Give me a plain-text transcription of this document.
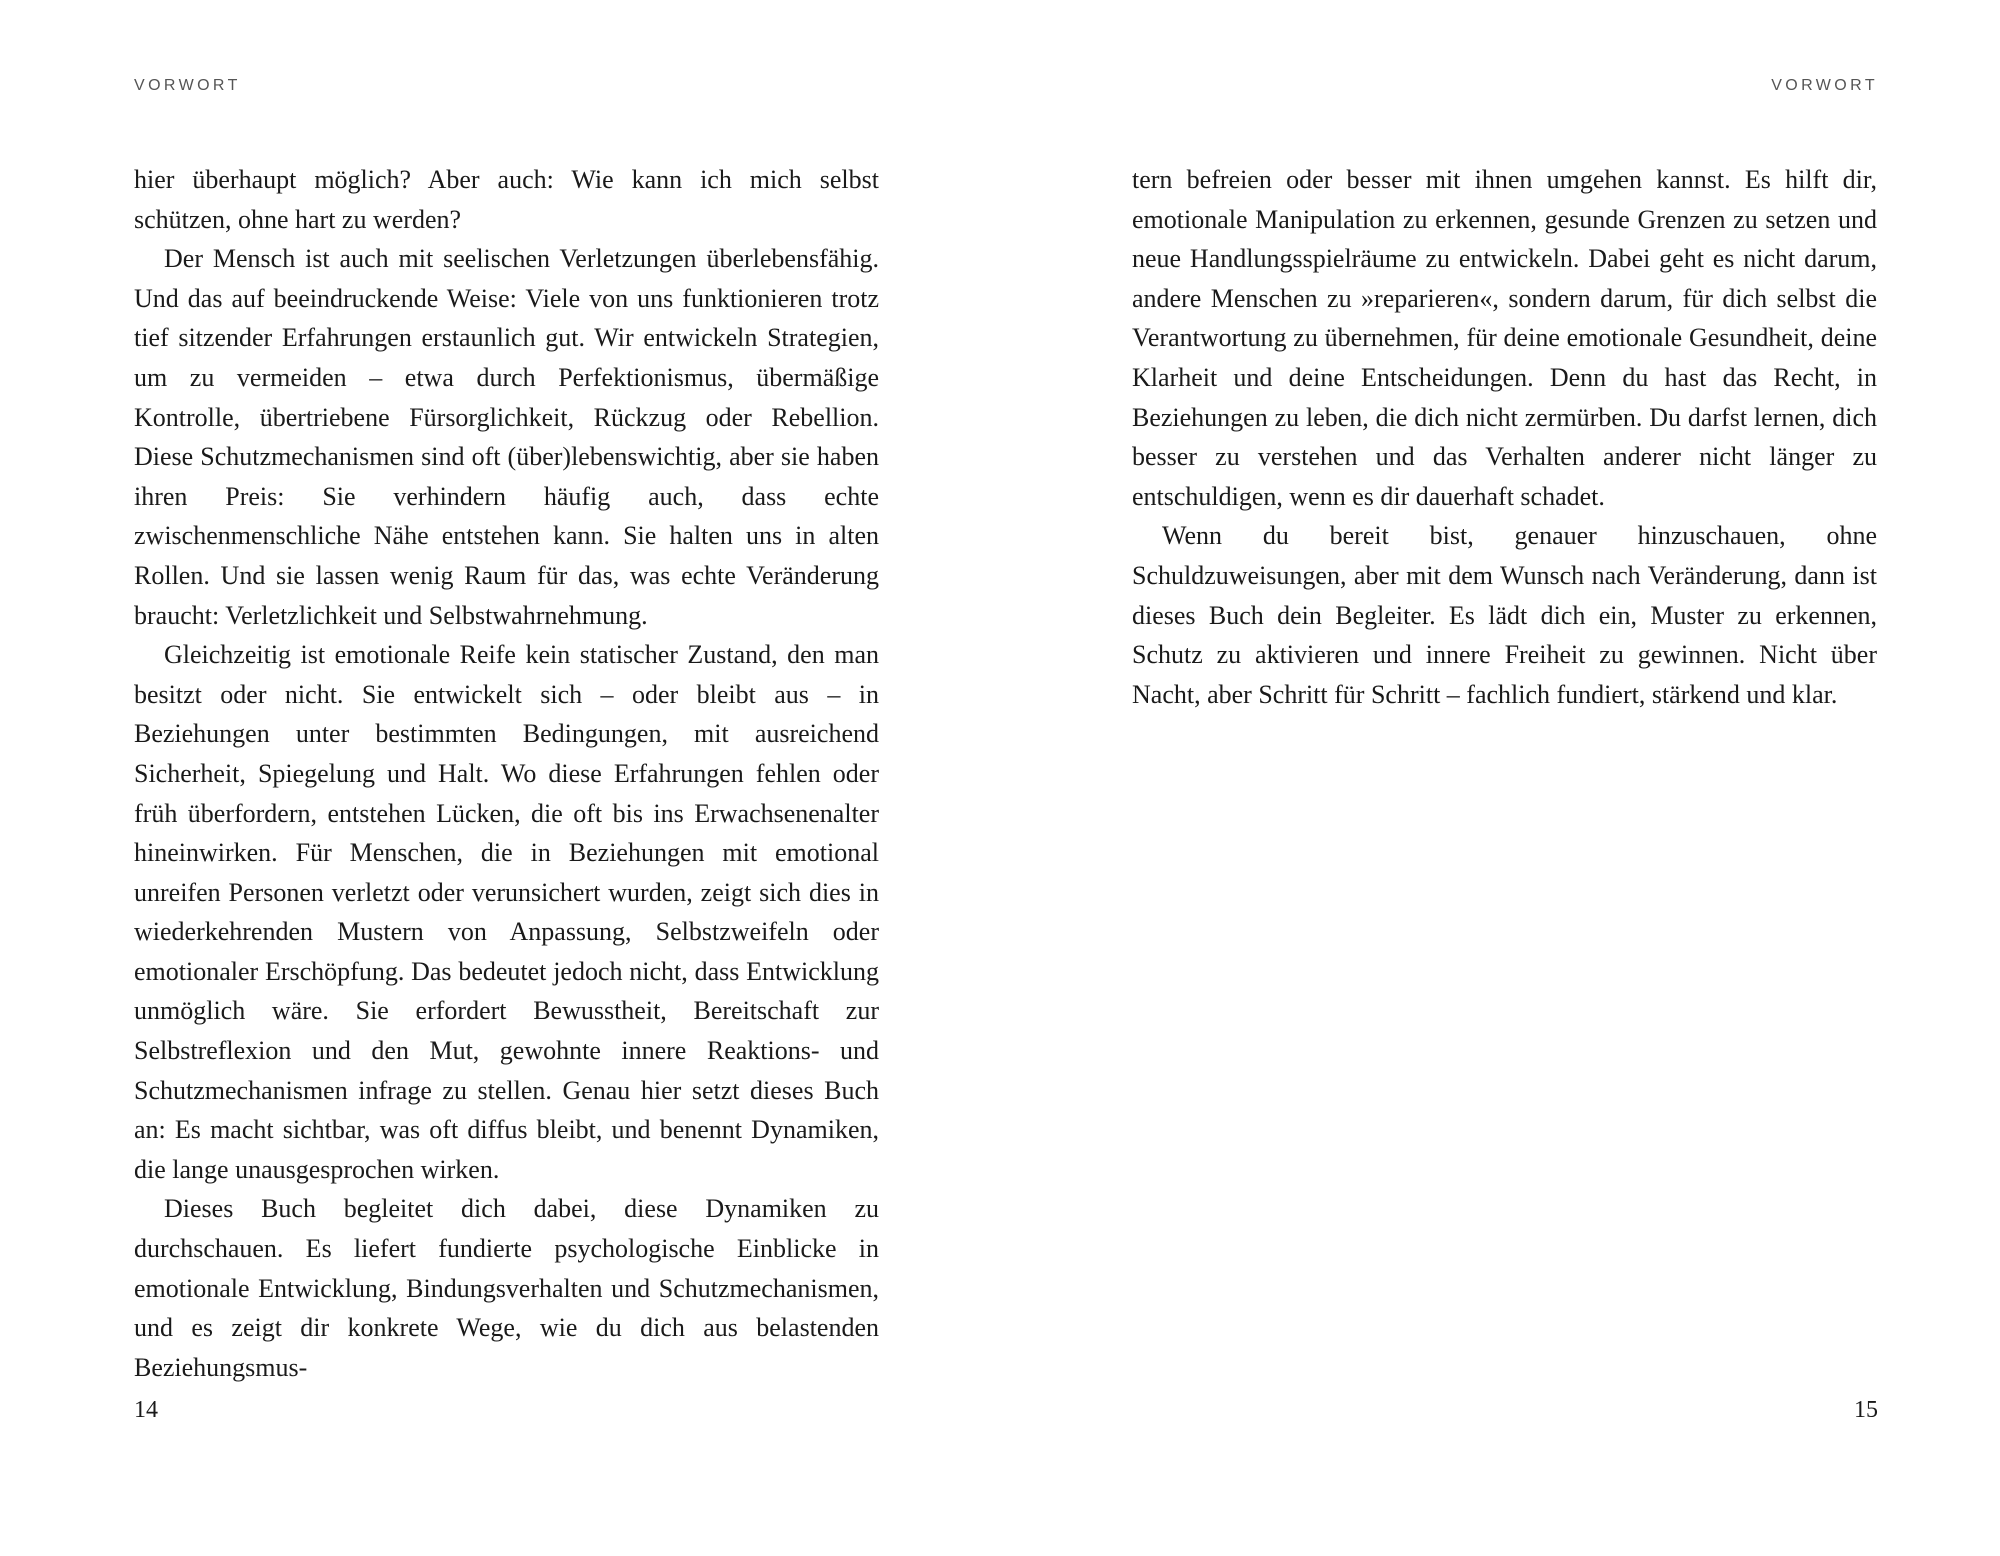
VORWORT

hier überhaupt möglich? Aber auch: Wie kann ich mich selbst schützen, ohne hart zu werden?

Der Mensch ist auch mit seelischen Verletzungen überlebensfähig. Und das auf beeindruckende Weise: Viele von uns funktionieren trotz tief sitzender Erfahrungen erstaunlich gut. Wir entwickeln Strategien, um zu vermeiden – etwa durch Perfektionismus, übermäßige Kontrolle, übertriebene Fürsorglichkeit, Rückzug oder Rebellion. Diese Schutzmechanismen sind oft (über)lebenswichtig, aber sie haben ihren Preis: Sie verhindern häufig auch, dass echte zwischenmenschliche Nähe entstehen kann. Sie halten uns in alten Rollen. Und sie lassen wenig Raum für das, was echte Veränderung braucht: Verletzlichkeit und Selbstwahrnehmung.

Gleichzeitig ist emotionale Reife kein statischer Zustand, den man besitzt oder nicht. Sie entwickelt sich – oder bleibt aus – in Beziehungen unter bestimmten Bedingungen, mit ausreichend Sicherheit, Spiegelung und Halt. Wo diese Erfahrungen fehlen oder früh überfordern, entstehen Lücken, die oft bis ins Erwachsenenalter hineinwirken. Für Menschen, die in Beziehungen mit emotional unreifen Personen verletzt oder verunsichert wurden, zeigt sich dies in wiederkehrenden Mustern von Anpassung, Selbstzweifeln oder emotionaler Erschöpfung. Das bedeutet jedoch nicht, dass Entwicklung unmöglich wäre. Sie erfordert Bewusstheit, Bereitschaft zur Selbstreflexion und den Mut, gewohnte innere Reaktions- und Schutzmechanismen infrage zu stellen. Genau hier setzt dieses Buch an: Es macht sichtbar, was oft diffus bleibt, und benennt Dynamiken, die lange unausgesprochen wirken.

Dieses Buch begleitet dich dabei, diese Dynamiken zu durchschauen. Es liefert fundierte psychologische Einblicke in emotionale Entwicklung, Bindungsverhalten und Schutzmechanismen, und es zeigt dir konkrete Wege, wie du dich aus belastenden Beziehungsmus-

14
VORWORT

tern befreien oder besser mit ihnen umgehen kannst. Es hilft dir, emotionale Manipulation zu erkennen, gesunde Grenzen zu setzen und neue Handlungsspielräume zu entwickeln. Dabei geht es nicht darum, andere Menschen zu »reparieren«, sondern darum, für dich selbst die Verantwortung zu übernehmen, für deine emotionale Gesundheit, deine Klarheit und deine Entscheidungen. Denn du hast das Recht, in Beziehungen zu leben, die dich nicht zermürben. Du darfst lernen, dich besser zu verstehen und das Verhalten anderer nicht länger zu entschuldigen, wenn es dir dauerhaft schadet.

Wenn du bereit bist, genauer hinzuschauen, ohne Schuldzuweisungen, aber mit dem Wunsch nach Veränderung, dann ist dieses Buch dein Begleiter. Es lädt dich ein, Muster zu erkennen, Schutz zu aktivieren und innere Freiheit zu gewinnen. Nicht über Nacht, aber Schritt für Schritt – fachlich fundiert, stärkend und klar.

15
